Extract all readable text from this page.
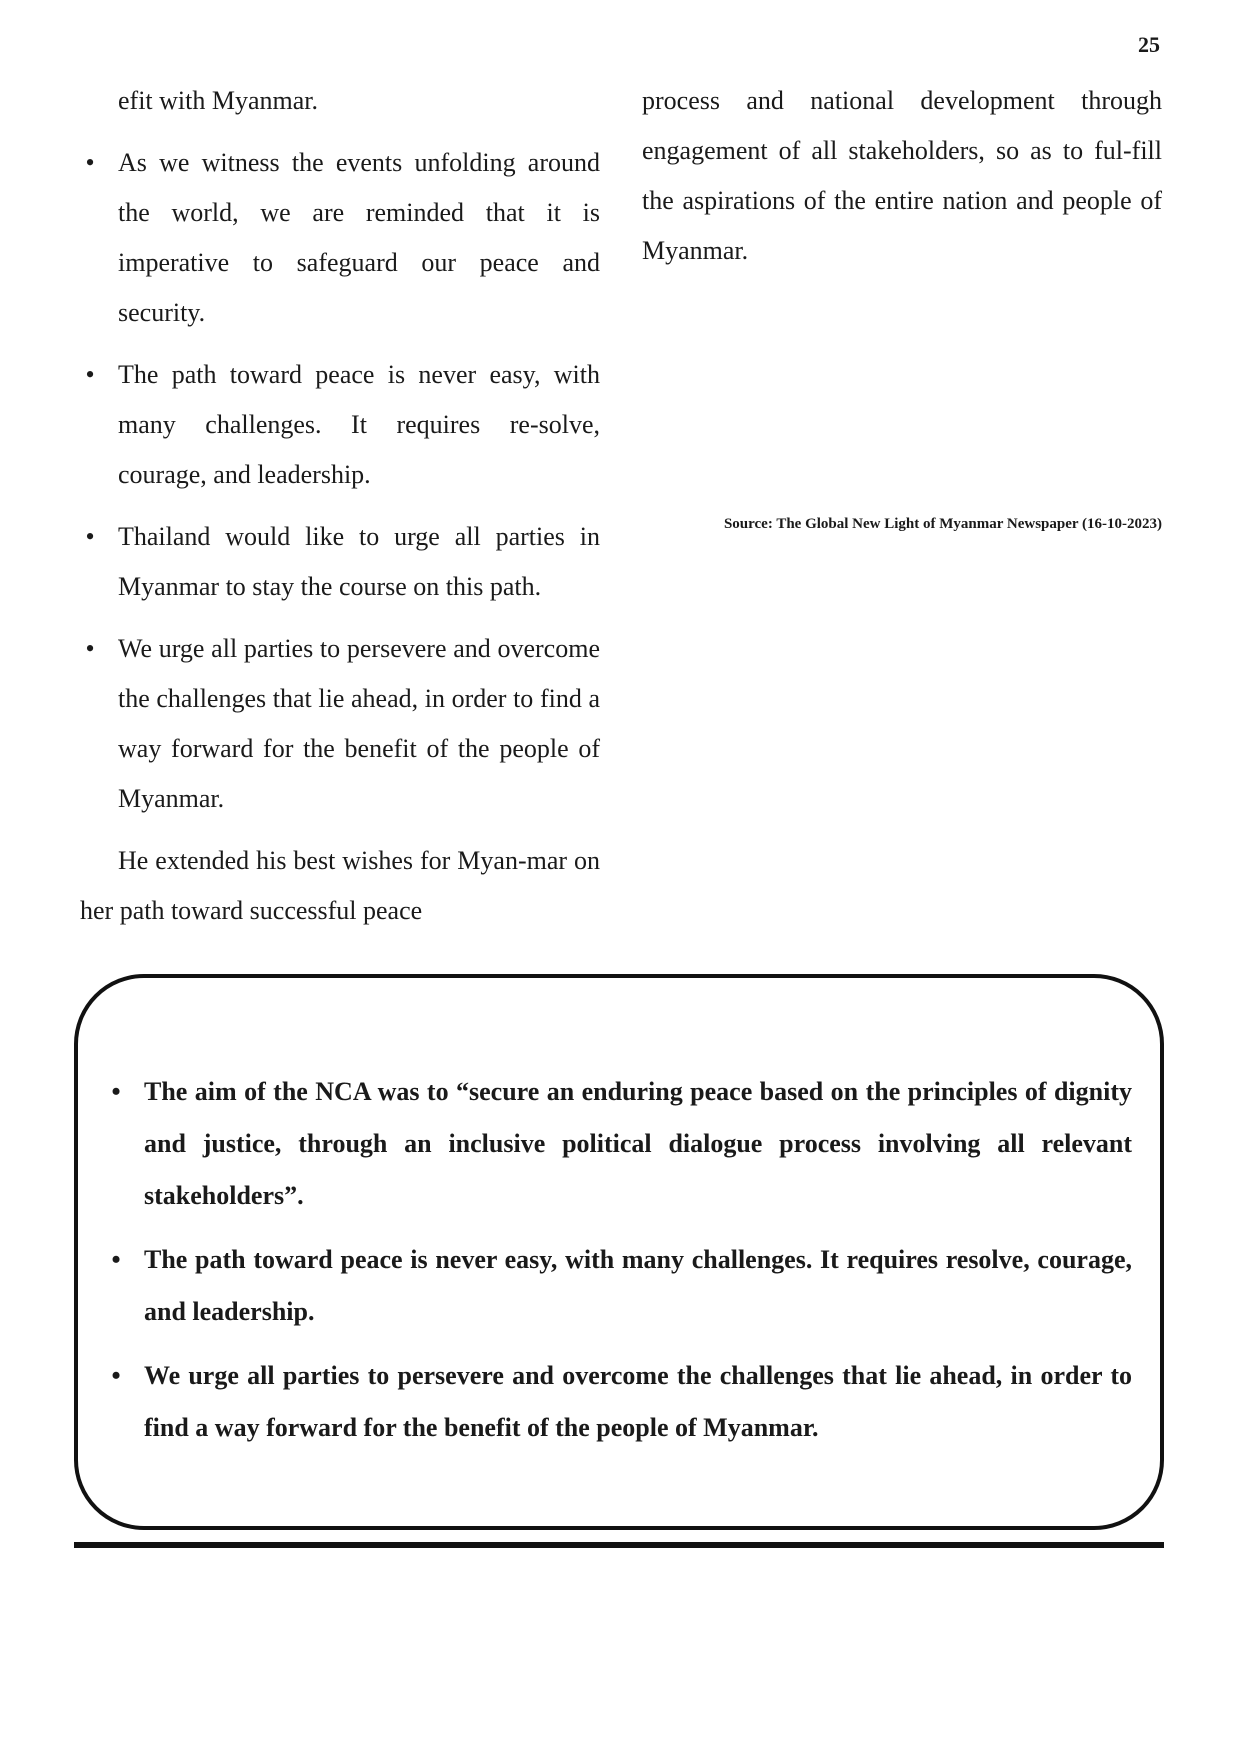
25

efit with Myanmar.

• As we witness the events unfolding around the world, we are reminded that it is imperative to safeguard our peace and security.
• The path toward peace is never easy, with many challenges. It requires re-solve, courage, and leadership.
• Thailand would like to urge all parties in Myanmar to stay the course on this path.
• We urge all parties to persevere and overcome the challenges that lie ahead, in order to find a way forward for the benefit of the people of Myanmar.

He extended his best wishes for Myan-mar on her path toward successful peace

process and national development through engagement of all stakeholders, so as to ful-fill the aspirations of the entire nation and people of Myanmar.

Source: The Global New Light of Myanmar Newspaper (16-10-2023)
• The aim of the NCA was to “secure an enduring peace based on the principles of dignity and justice, through an inclusive political dialogue process involving all relevant stakeholders”.
• The path toward peace is never easy, with many challenges. It requires resolve, courage, and leadership.
• We urge all parties to persevere and overcome the challenges that lie ahead, in order to find a way forward for the benefit of the people of Myanmar.
